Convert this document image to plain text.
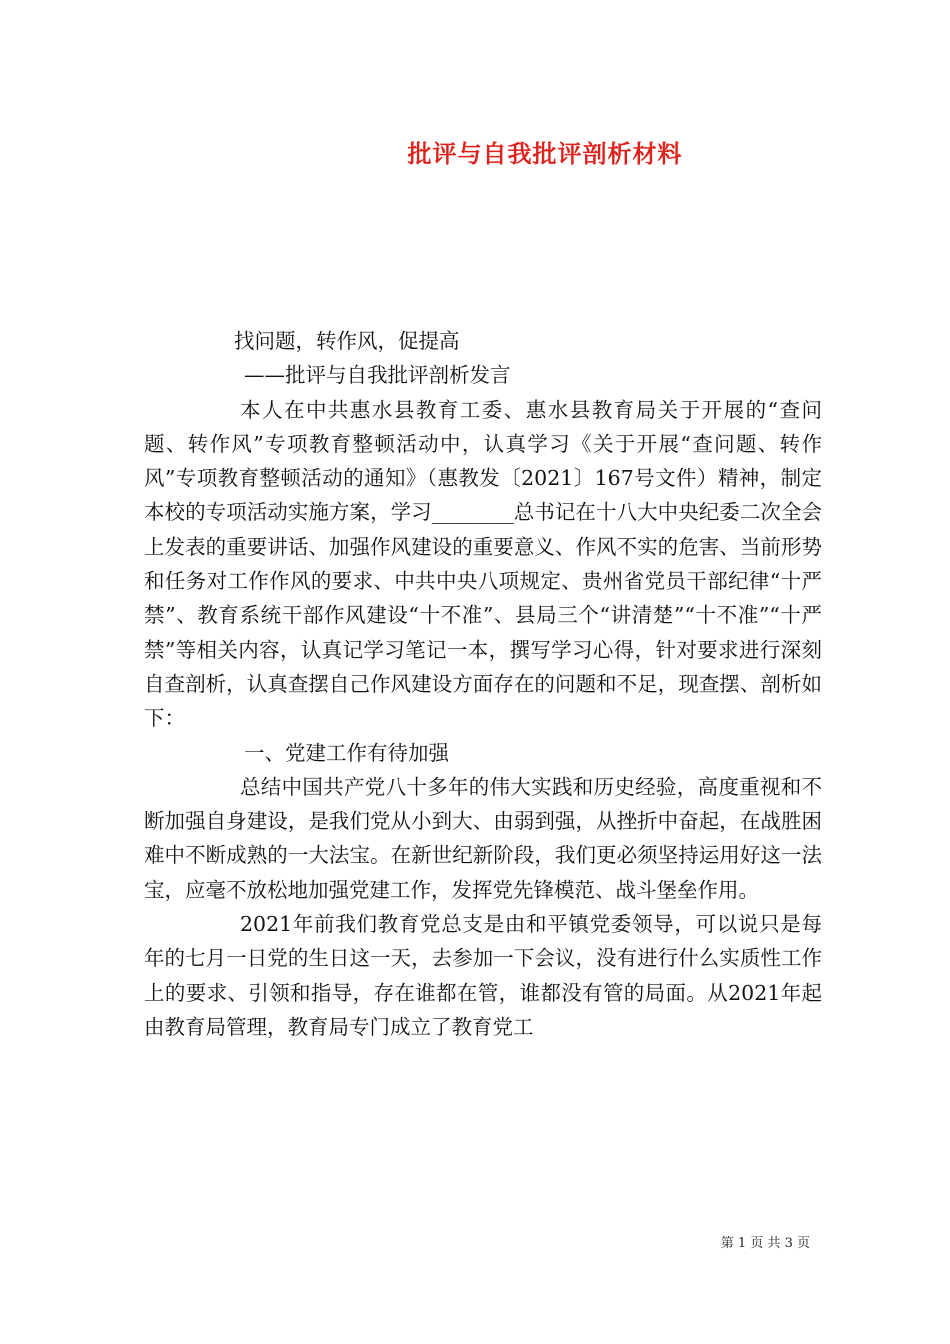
批评与自我批评剖析材料

找问题，转作风，促提高

——批评与自我批评剖析发言

本人在中共惠水县教育工委、惠水县教育局关于开展的“查问题、转作风”专项教育整顿活动中，认真学习《关于开展“查问题、转作风”专项教育整顿活动的通知》（惠教发〔2021〕167号文件）精神，制定本校的专项活动实施方案，学习________总书记在十八大中央纪委二次全会上发表的重要讲话、加强作风建设的重要意义、作风不实的危害、当前形势和任务对工作作风的要求、中共中央八项规定、贵州省党员干部纪律“十严禁”、教育系统干部作风建设“十不准”、县局三个“讲清楚”“十不准”“十严禁”等相关内容，认真记学习笔记一本，撰写学习心得，针对要求进行深刻自查剖析，认真查摆自己作风建设方面存在的问题和不足，现查摆、剖析如下：

一、党建工作有待加强

总结中国共产党八十多年的伟大实践和历史经验，高度重视和不断加强自身建设，是我们党从小到大、由弱到强，从挫折中奋起，在战胜困难中不断成熟的一大法宝。在新世纪新阶段，我们更必须坚持运用好这一法宝，应毫不放松地加强党建工作，发挥党先锋模范、战斗堡垒作用。

2021年前我们教育党总支是由和平镇党委领导，可以说只是每年的七月一日党的生日这一天，去参加一下会议，没有进行什么实质性工作上的要求、引领和指导，存在谁都在管，谁都没有管的局面。从2021年起由教育局管理，教育局专门成立了教育党工

第 1 页 共 3 页
